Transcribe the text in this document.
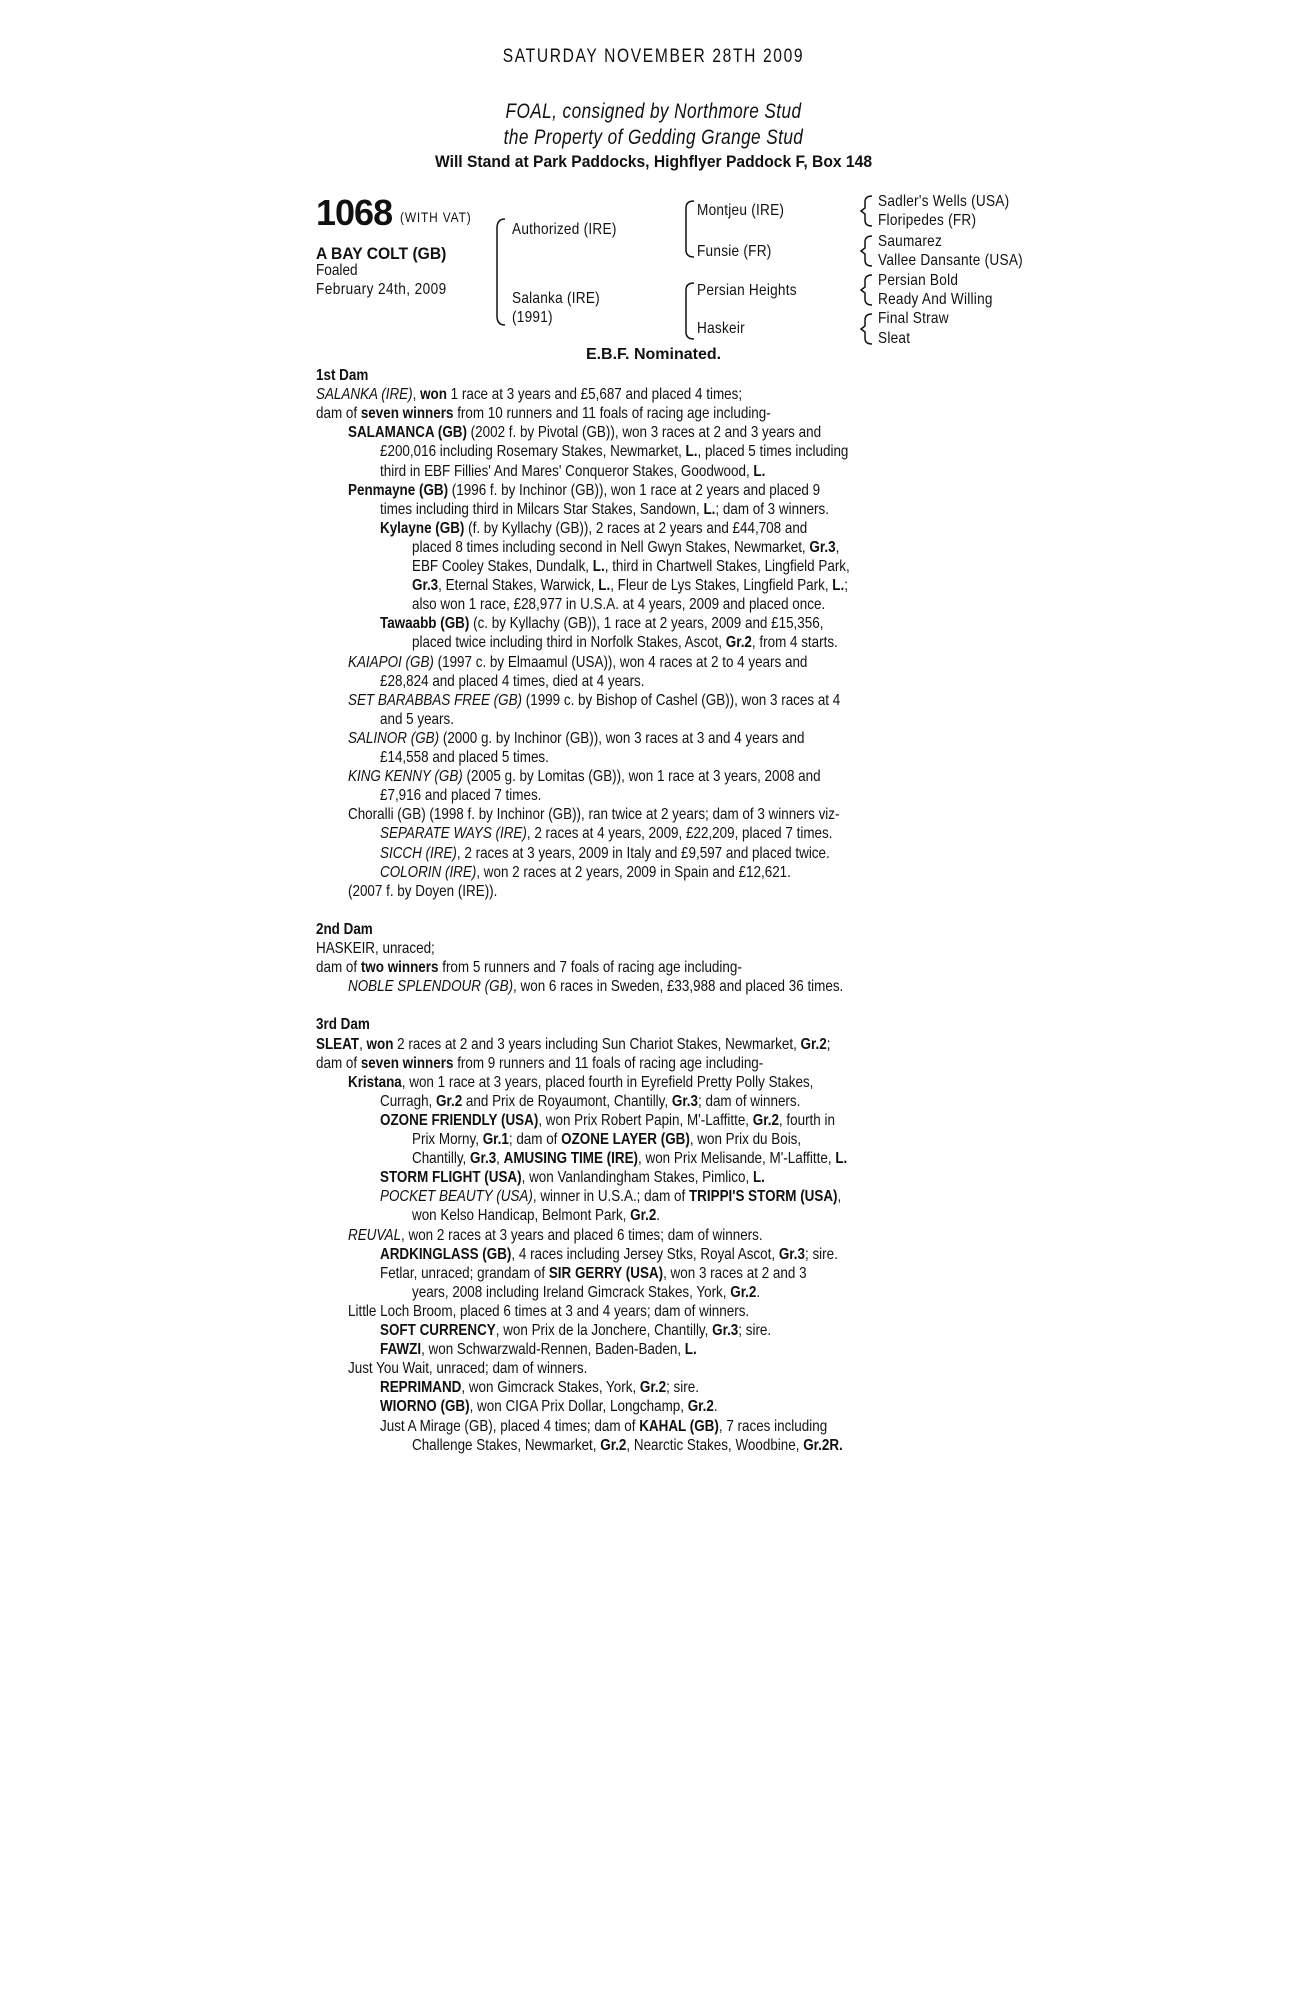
SATURDAY NOVEMBER 28TH 2009
FOAL, consigned by Northmore Stud
the Property of Gedding Grange Stud
Will Stand at Park Paddocks, Highflyer Paddock F, Box 148
1068 (WITH VAT)
A BAY COLT (GB)
Foaled
February 24th, 2009
Authorized (IRE)
Salanka (IRE)
(1991)
Montjeu (IRE)
Funsie (FR)
Persian Heights
Haskeir
Sadler's Wells (USA)
Floripedes (FR)
Saumarez
Vallee Dansante (USA)
Persian Bold
Ready And Willing
Final Straw
Sleat
E.B.F. Nominated.
1st Dam
SALANKA (IRE), won 1 race at 3 years and £5,687 and placed 4 times;
dam of seven winners from 10 runners and 11 foals of racing age including-
SALAMANCA (GB) (2002 f. by Pivotal (GB)), won 3 races at 2 and 3 years and
£200,016 including Rosemary Stakes, Newmarket, L., placed 5 times including
third in EBF Fillies' And Mares' Conqueror Stakes, Goodwood, L.
Penmayne (GB) (1996 f. by Inchinor (GB)), won 1 race at 2 years and placed 9
times including third in Milcars Star Stakes, Sandown, L.; dam of 3 winners.
Kylayne (GB) (f. by Kyllachy (GB)), 2 races at 2 years and £44,708 and
placed 8 times including second in Nell Gwyn Stakes, Newmarket, Gr.3,
EBF Cooley Stakes, Dundalk, L., third in Chartwell Stakes, Lingfield Park,
Gr.3, Eternal Stakes, Warwick, L., Fleur de Lys Stakes, Lingfield Park, L.;
also won 1 race, £28,977 in U.S.A. at 4 years, 2009 and placed once.
Tawaabb (GB) (c. by Kyllachy (GB)), 1 race at 2 years, 2009 and £15,356,
placed twice including third in Norfolk Stakes, Ascot, Gr.2, from 4 starts.
KAIAPOI (GB) (1997 c. by Elmaamul (USA)), won 4 races at 2 to 4 years and
£28,824 and placed 4 times, died at 4 years.
SET BARABBAS FREE (GB) (1999 c. by Bishop of Cashel (GB)), won 3 races at 4
and 5 years.
SALINOR (GB) (2000 g. by Inchinor (GB)), won 3 races at 3 and 4 years and
£14,558 and placed 5 times.
KING KENNY (GB) (2005 g. by Lomitas (GB)), won 1 race at 3 years, 2008 and
£7,916 and placed 7 times.
Choralli (GB) (1998 f. by Inchinor (GB)), ran twice at 2 years; dam of 3 winners viz-
SEPARATE WAYS (IRE), 2 races at 4 years, 2009, £22,209, placed 7 times.
SICCH (IRE), 2 races at 3 years, 2009 in Italy and £9,597 and placed twice.
COLORIN (IRE), won 2 races at 2 years, 2009 in Spain and £12,621.
(2007 f. by Doyen (IRE)).
2nd Dam
HASKEIR, unraced;
dam of two winners from 5 runners and 7 foals of racing age including-
NOBLE SPLENDOUR (GB), won 6 races in Sweden, £33,988 and placed 36 times.
3rd Dam
SLEAT, won 2 races at 2 and 3 years including Sun Chariot Stakes, Newmarket, Gr.2;
dam of seven winners from 9 runners and 11 foals of racing age including-
Kristana, won 1 race at 3 years, placed fourth in Eyrefield Pretty Polly Stakes,
Curragh, Gr.2 and Prix de Royaumont, Chantilly, Gr.3; dam of winners.
OZONE FRIENDLY (USA), won Prix Robert Papin, M'-Laffitte, Gr.2, fourth in
Prix Morny, Gr.1; dam of OZONE LAYER (GB), won Prix du Bois,
Chantilly, Gr.3, AMUSING TIME (IRE), won Prix Melisande, M'-Laffitte, L.
STORM FLIGHT (USA), won Vanlandingham Stakes, Pimlico, L.
POCKET BEAUTY (USA), winner in U.S.A.; dam of TRIPPI'S STORM (USA),
won Kelso Handicap, Belmont Park, Gr.2.
REUVAL, won 2 races at 3 years and placed 6 times; dam of winners.
ARDKINGLASS (GB), 4 races including Jersey Stks, Royal Ascot, Gr.3; sire.
Fetlar, unraced; grandam of SIR GERRY (USA), won 3 races at 2 and 3
years, 2008 including Ireland Gimcrack Stakes, York, Gr.2.
Little Loch Broom, placed 6 times at 3 and 4 years; dam of winners.
SOFT CURRENCY, won Prix de la Jonchere, Chantilly, Gr.3; sire.
FAWZI, won Schwarzwald-Rennen, Baden-Baden, L.
Just You Wait, unraced; dam of winners.
REPRIMAND, won Gimcrack Stakes, York, Gr.2; sire.
WIORNO (GB), won CIGA Prix Dollar, Longchamp, Gr.2.
Just A Mirage (GB), placed 4 times; dam of KAHAL (GB), 7 races including
Challenge Stakes, Newmarket, Gr.2, Nearctic Stakes, Woodbine, Gr.2R.
